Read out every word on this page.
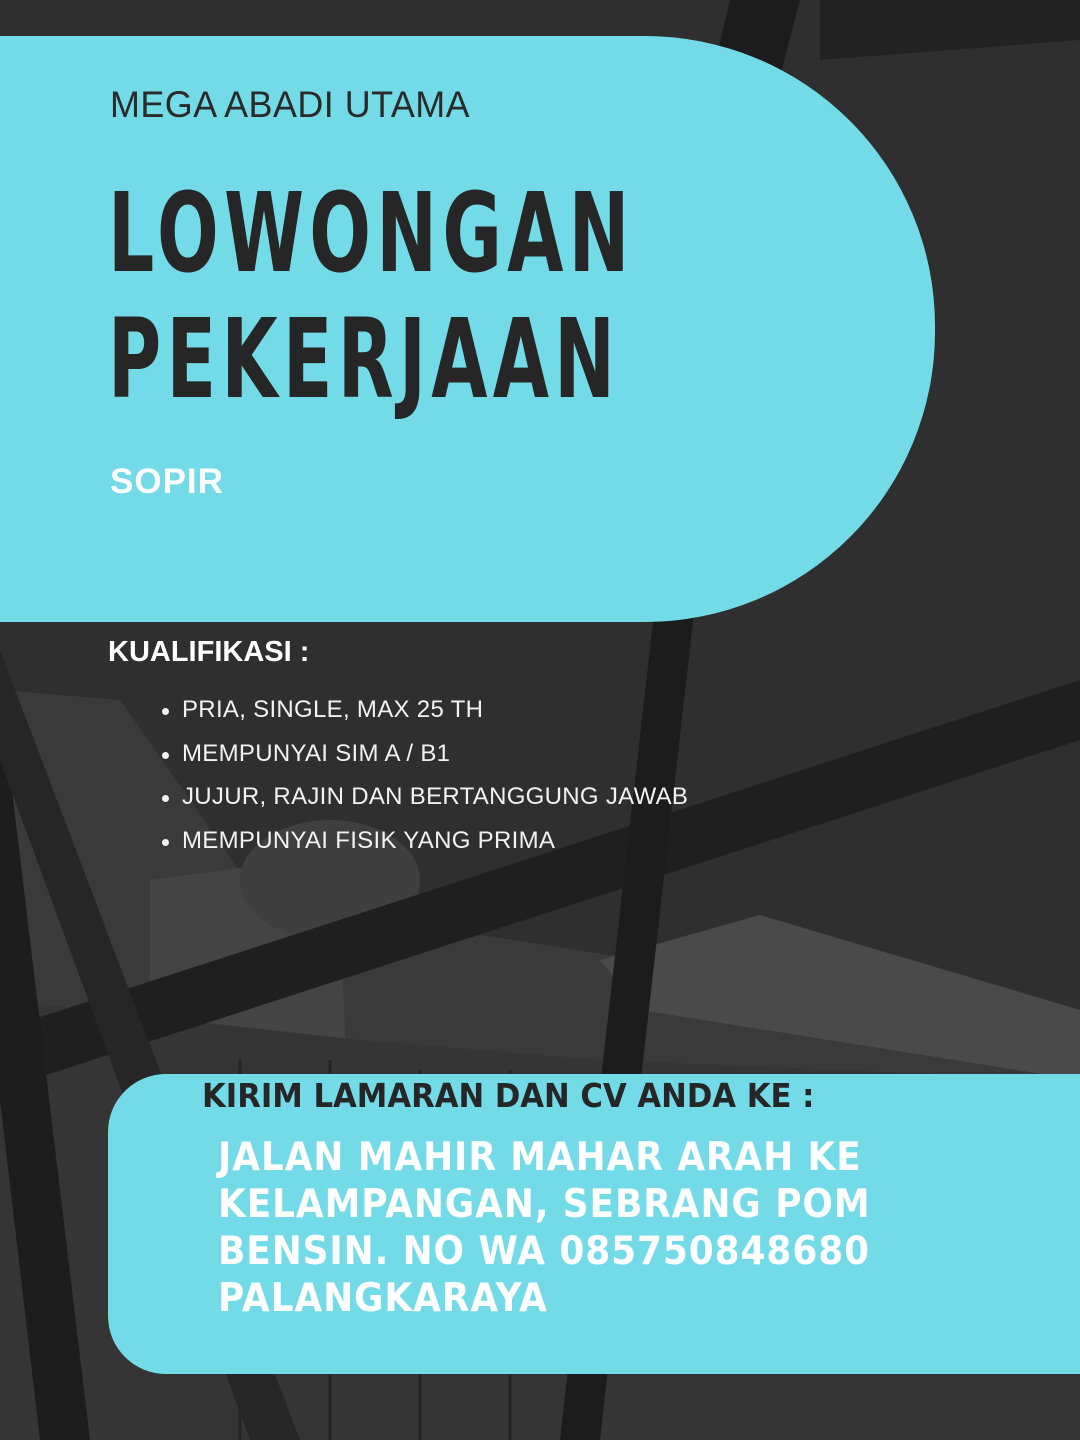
MEGA ABADI UTAMA
LOWONGAN
PEKERJAAN
SOPIR
KUALIFIKASI :
PRIA, SINGLE, MAX 25 TH
MEMPUNYAI SIM A / B1
JUJUR, RAJIN DAN BERTANGGUNG JAWAB
MEMPUNYAI FISIK YANG PRIMA
KIRIM LAMARAN DAN CV ANDA KE :
JALAN MAHIR MAHAR ARAH KE
KELAMPANGAN, SEBRANG POM
BENSIN. NO WA 085750848680
PALANGKARAYA
